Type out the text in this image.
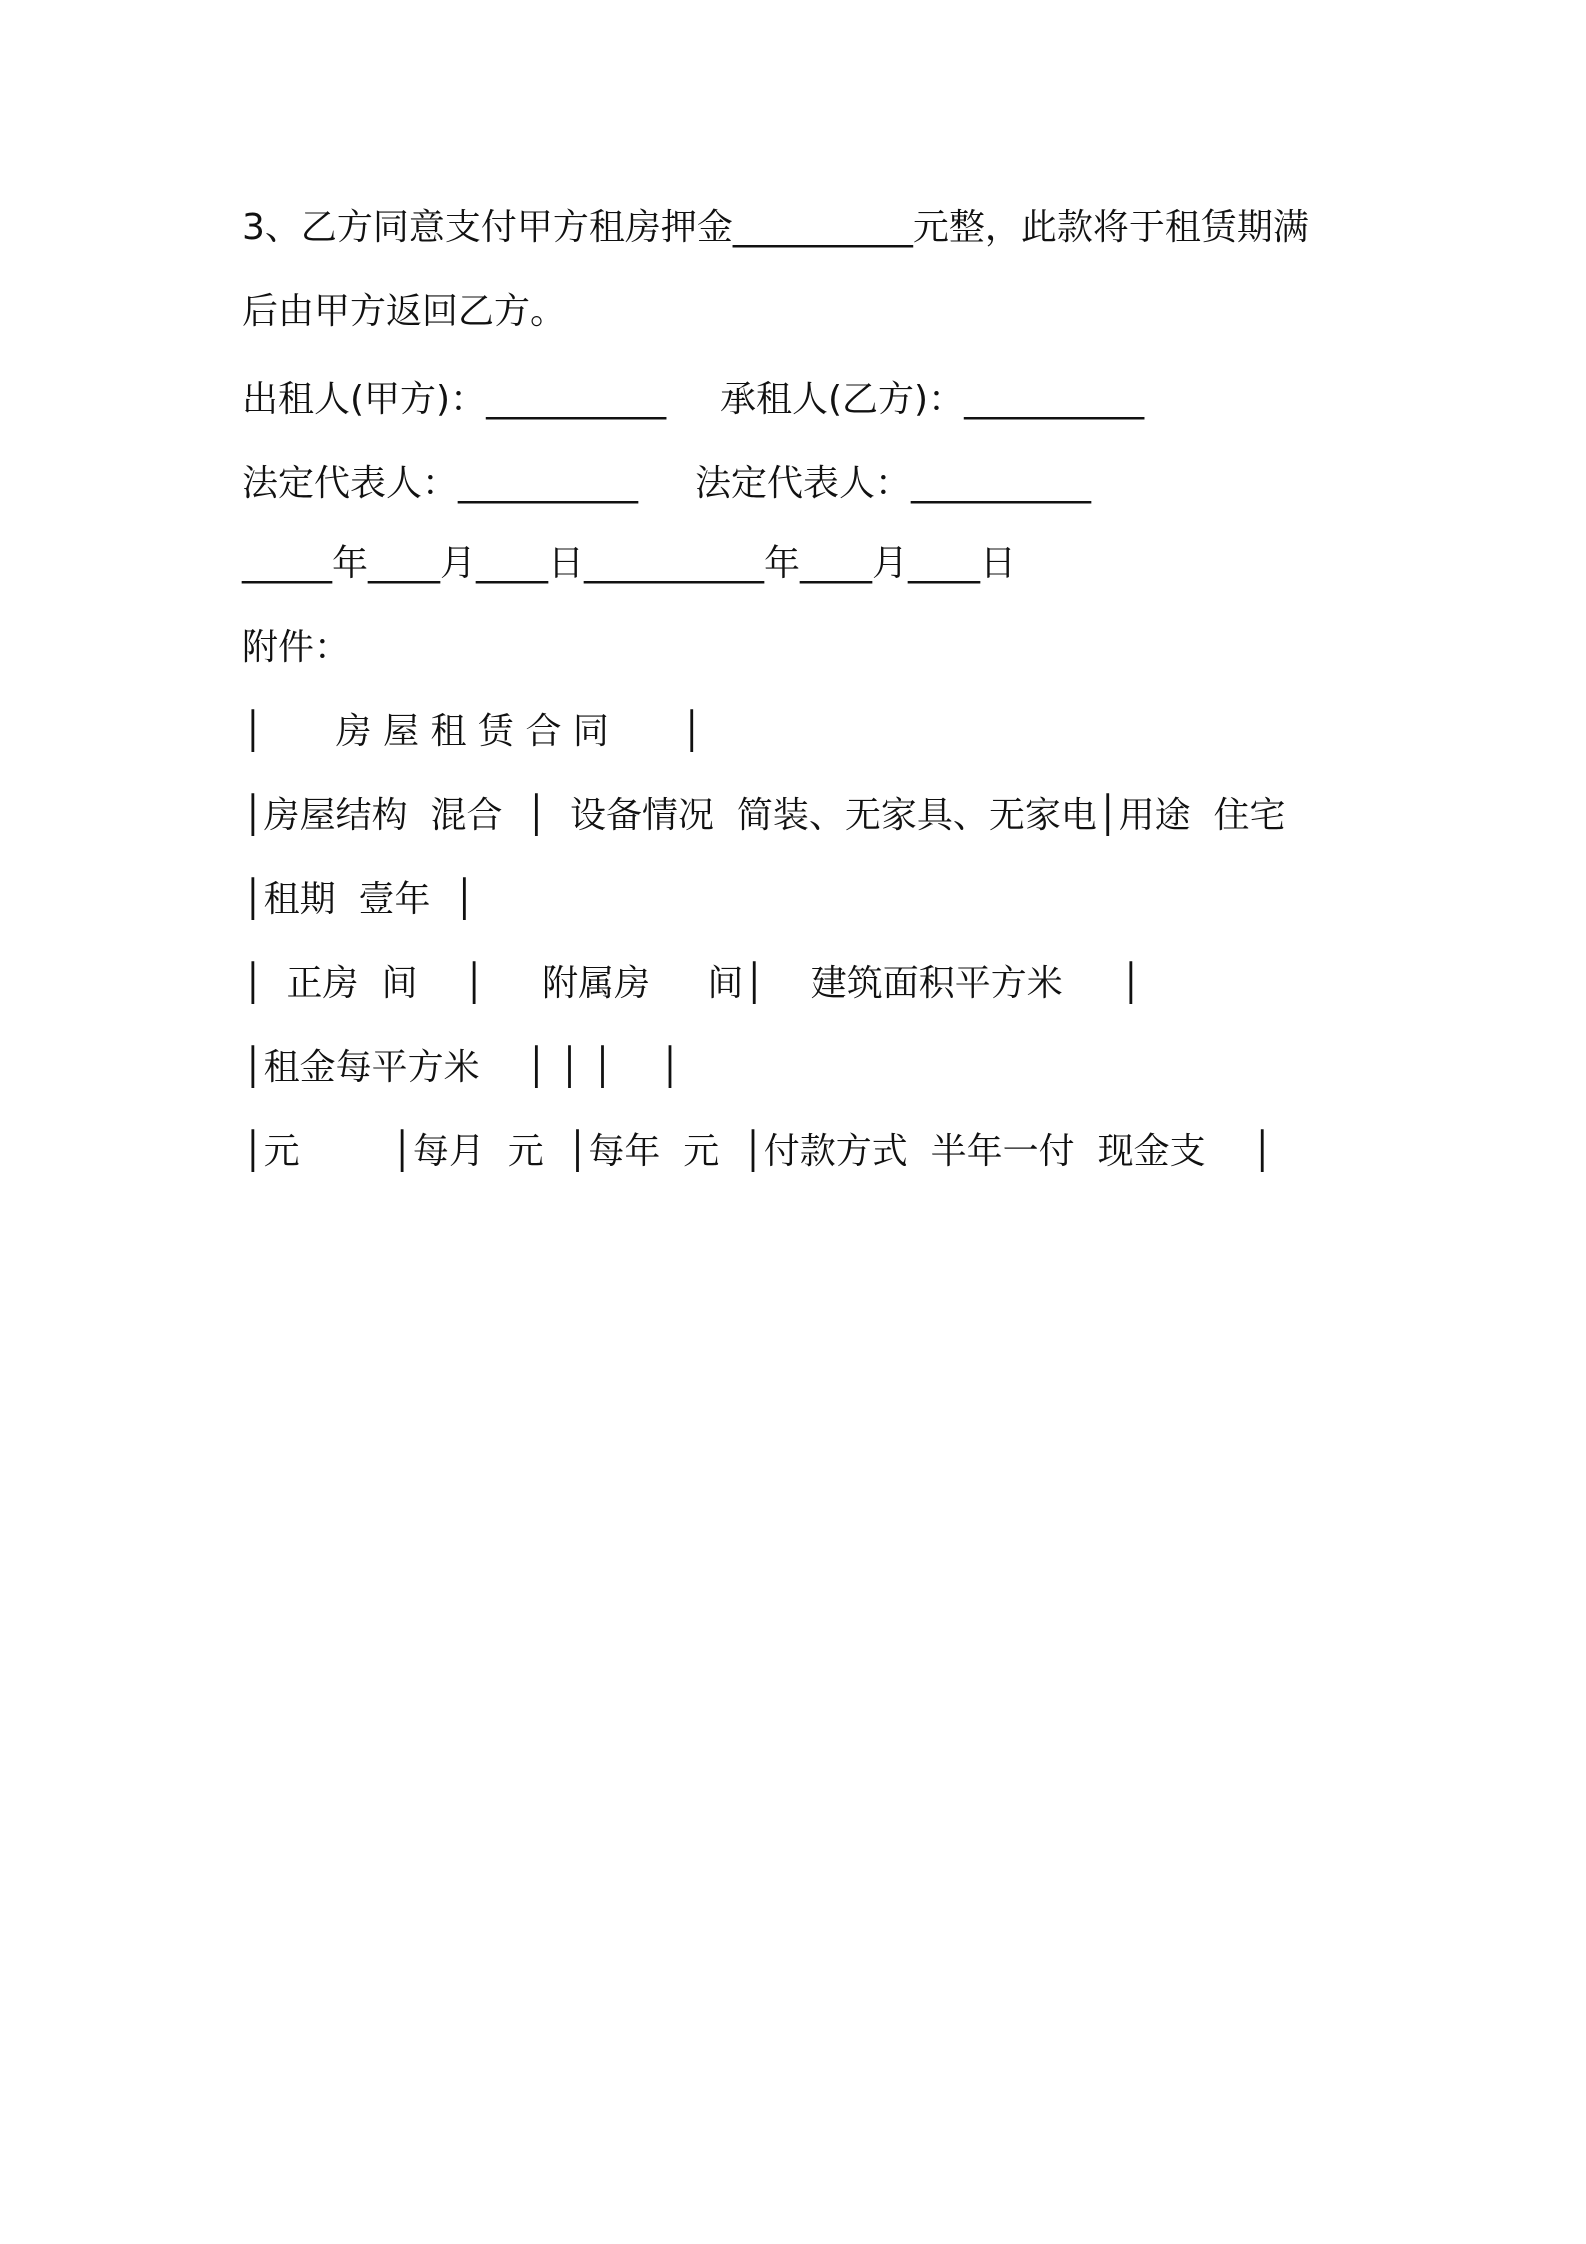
3、乙方同意支付甲方租房押金__________元整，此款将于租赁期满
后由甲方返回乙方。

出租人(甲方)：__________

承租人(乙方)：__________

法定代表人：__________

法定代表人：__________

_____年____月____日__________年____月____日
附件：
│　　房 屋 租 赁 合 同　　│
│房屋结构  混合  │  设备情况  简装、无家具、无家电│用途  住宅
│租期  壹年  │
│  正房  间    │     附属房     间│    建筑面积平方米     │
│租金每平方米    │ │ │    │
│元        │每月  元  │每年  元  │付款方式  半年一付  现金支    │
